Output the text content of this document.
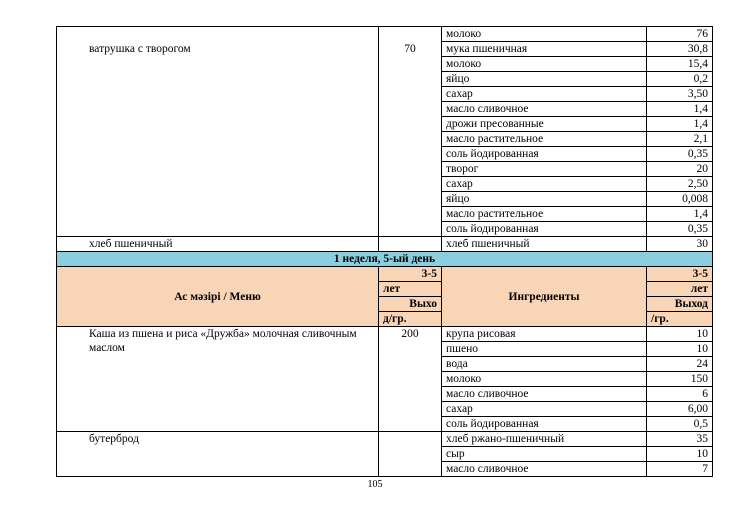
		молоко	76
ватрушка с творогом	70	мука пшеничная	30,8
		молоко	15,4
		яйцо	0,2
		сахар	3,50
		масло сливочное	1,4
		дрожи пресованные	1,4
		масло растительное	2,1
		соль йодированная	0,35
		творог	20
		сахар	2,50
		яйцо	0,008
		масло растительное	1,4
		соль йодированная	0,35
хлеб пшеничный		хлеб пшеничный	30
1 неделя, 5-ый день			
Ас мәзірі / Меню	3-5	Ингредиенты	3-5
	лет		лет
	Выхо		Выход
	д/гр.		/гр.
Каша из пшена и риса «Дружба» молочная сливочным маслом	200	крупа рисовая	10
		пшено	10
		вода	24
		молоко	150
		масло сливочное	6
		сахар	6,00
		соль йодированная	0,5
бутерброд		хлеб ржано-пшеничный	35
		сыр	10
		масло сливочное	7
105
